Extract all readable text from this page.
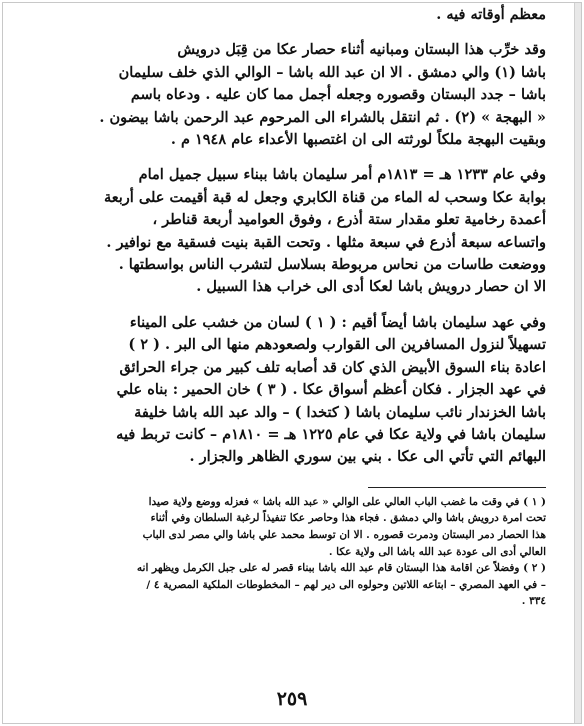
معظم أوقاته فيه .

وقد خرِّب هذا البستان ومبانيه أثناء حصار عكا من قِبَل درويش

باشا (١) والي دمشق . الا ان عبد الله باشا – الوالي الذي خلف سليمان

باشا – جدد البستان وقصوره وجعله أجمل مما كان عليه . ودعاه باسم

« البهجة » (٢) . ثم انتقل بالشراء الى المرحوم عبد الرحمن باشا بيضون .

وبقيت البهجة ملكاً لورثته الى ان اغتصبها الأعداء عام ١٩٤٨ م .

وفي عام ١٢٣٣ هـ = ١٨١٣م أمر سليمان باشا ببناء سبيل جميل امام

بوابة عكا وسحب له الماء من قناة الكابري وجعل له قبة أقيمت على أربعة

أعمدة رخامية تعلو مقدار ستة أذرع ، وفوق العواميد أربعة قناطر ،

واتساعه سبعة أذرع في سبعة مثلها . وتحت القبة بنيت فسقية مع نوافير .

ووضعت طاسات من نحاس مربوطة بسلاسل لتشرب الناس بواسطتها .

الا ان حصار درويش باشا لعكا أدى الى خراب هذا السبيل .

وفي عهد سليمان باشا أيضاً أقيم : ( ١ ) لسان من خشب على الميناء

تسهيلاً لنزول المسافرين الى القوارب ولصعودهم منها الى البر . ( ٢ )

اعادة بناء السوق الأبيض الذي كان قد أصابه تلف كبير من جراء الحرائق

في عهد الجزار . فكان أعظم أسواق عكا . ( ٣ ) خان الحمير : بناه علي

باشا الخزندار نائب سليمان باشا ( كتخدا ) – والد عبد الله باشا خليفة

سليمان باشا في ولاية عكا في عام ١٢٢٥ هـ = ١٨١٠م – كانت تربط فيه

البهائم التي تأتي الى عكا . بني بين سوري الظاهر والجزار .

( ١ ) في وقت ما غضب الباب العالي على الوالي « عبد الله باشا » فعزله ووضع ولاية صيدا

تحت امرة درويش باشا والي دمشق . فجاء هذا وحاصر عكا تنفيذاً لرغبة السلطان وفي أثناء

هذا الحصار دمر البستان ودمرت قصوره . الا ان توسط محمد علي باشا والي مصر لدى الباب

العالي أدى الى عودة عبد الله باشا الى ولاية عكا .

( ٢ ) وفضلاً عن اقامة هذا البستان قام عبد الله باشا ببناء قصر له على جبل الكرمل ويظهر انه

– في العهد المصري – ابتاعه اللاتين وحولوه الى دير لهم – المخطوطات الملكية المصرية ٤ /

٣٣٤ .

٢٥٩
